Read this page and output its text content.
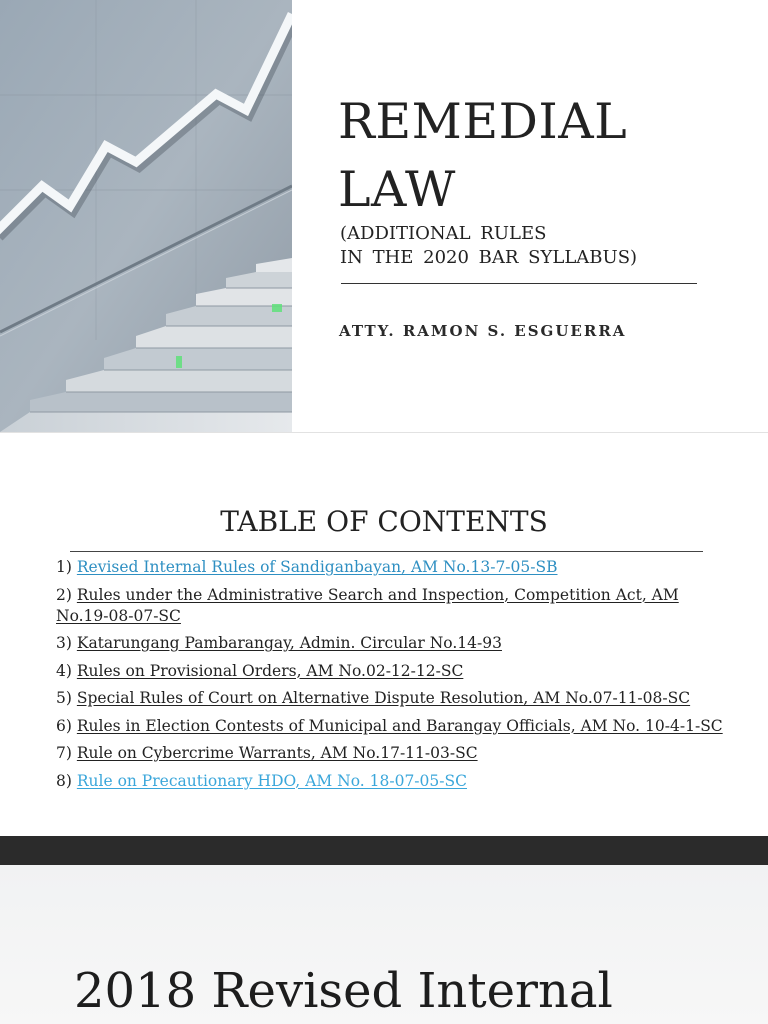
REMEDIAL
LAW
(ADDITIONAL RULES
IN THE 2020 BAR SYLLABUS)
ATTY. RAMON S. ESGUERRA
TABLE OF CONTENTS
1) Revised Internal Rules of Sandiganbayan, AM No.13-7-05-SB
2) Rules under the Administrative Search and Inspection, Competition Act, AM No.19-08-07-SC
3) Katarungang Pambarangay, Admin. Circular No.14-93
4) Rules on Provisional Orders, AM No.02-12-12-SC
5) Special Rules of Court on Alternative Dispute Resolution, AM No.07-11-08-SC
6) Rules in Election Contests of Municipal and Barangay Officials, AM No. 10-4-1-SC
7) Rule on Cybercrime Warrants, AM No.17-11-03-SC
8) Rule on Precautionary HDO, AM No. 18-07-05-SC
2018 Revised Internal
